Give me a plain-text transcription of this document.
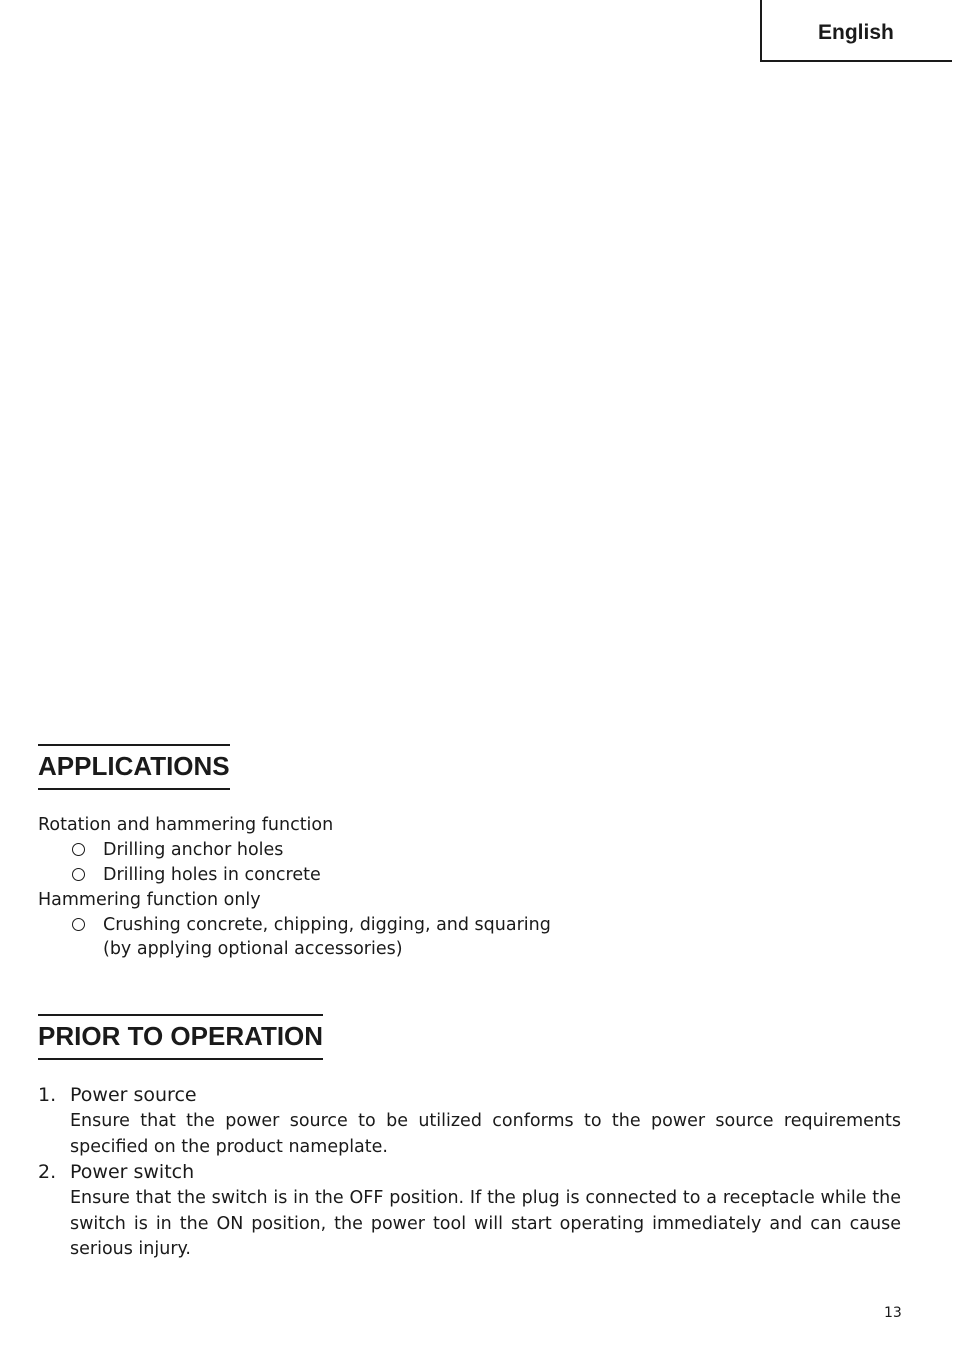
English
APPLICATIONS
Rotation and hammering function
Drilling anchor holes
Drilling holes in concrete
Hammering function only
Crushing concrete, chipping, digging, and squaring
(by applying optional accessories)
PRIOR TO OPERATION
1. Power source
Ensure that the power source to be utilized conforms to the power source requirements specified on the product nameplate.
2. Power switch
Ensure that the switch is in the OFF position. If the plug is connected to a receptacle while the switch is in the ON position, the power tool will start operating immediately and can cause serious injury.
13
